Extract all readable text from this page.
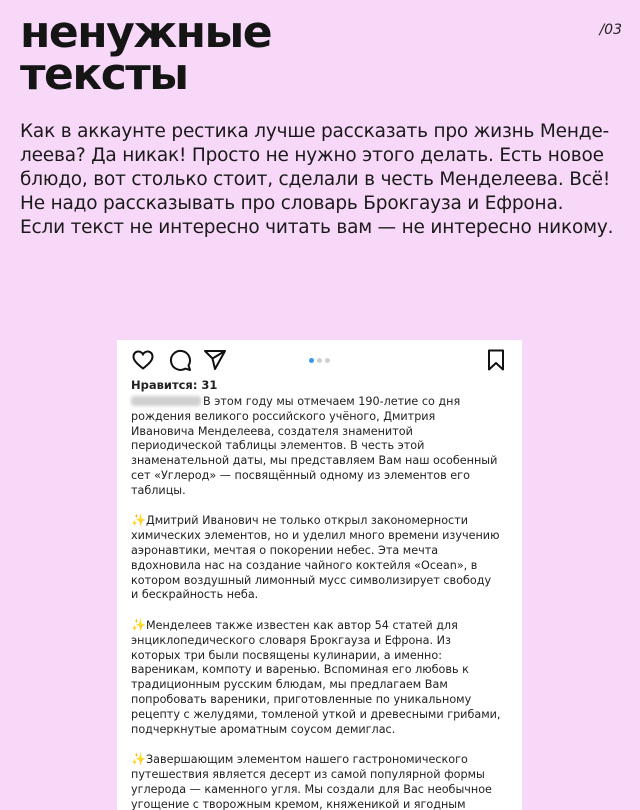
ненужные
тексты
/03

Как в аккаунте рестика лучше рассказать про жизнь Менде-

леева? Да никак! Просто не нужно этого делать. Есть новое

блюдо, вот столько стоит, сделали в честь Менделеева. Всё!

Не надо рассказывать про словарь Брокгауза и Ефрона.

Если текст не интересно читать вам — не интересно никому.

Нравится: 31

В этом году мы отмечаем 190-летие со дня
рождения великого российского учёного, Дмитрия
Ивановича Менделеева, создателя знаменитой
периодической таблицы элементов. В честь этой
знаменательной даты, мы представляем Вам наш особенный
сет «Углерод» — посвящённый одному из элементов его
таблицы.

✨Дмитрий Иванович не только открыл закономерности
химических элементов, но и уделил много времени изучению
аэронавтики, мечтая о покорении небес. Эта мечта
вдохновила нас на создание чайного коктейля «Ocean», в
котором воздушный лимонный мусс символизирует свободу
и бескрайность неба.

✨Менделеев также известен как автор 54 статей для
энциклопедического словаря Брокгауза и Ефрона. Из
которых три были посвящены кулинарии, а именно:
вареникам, компоту и варенью. Вспоминая его любовь к
традиционным русским блюдам, мы предлагаем Вам
попробовать вареники, приготовленные по уникальному
рецепту с желудями, томленой уткой и древесными грибами,
подчеркнутые ароматным соусом демиглас.

✨Завершающим элементом нашего гастрономического
путешествия является десерт из самой популярной формы
углерода — каменного угля. Мы создали для Вас необычное
угощение с творожным кремом, княженикой и ягодным
